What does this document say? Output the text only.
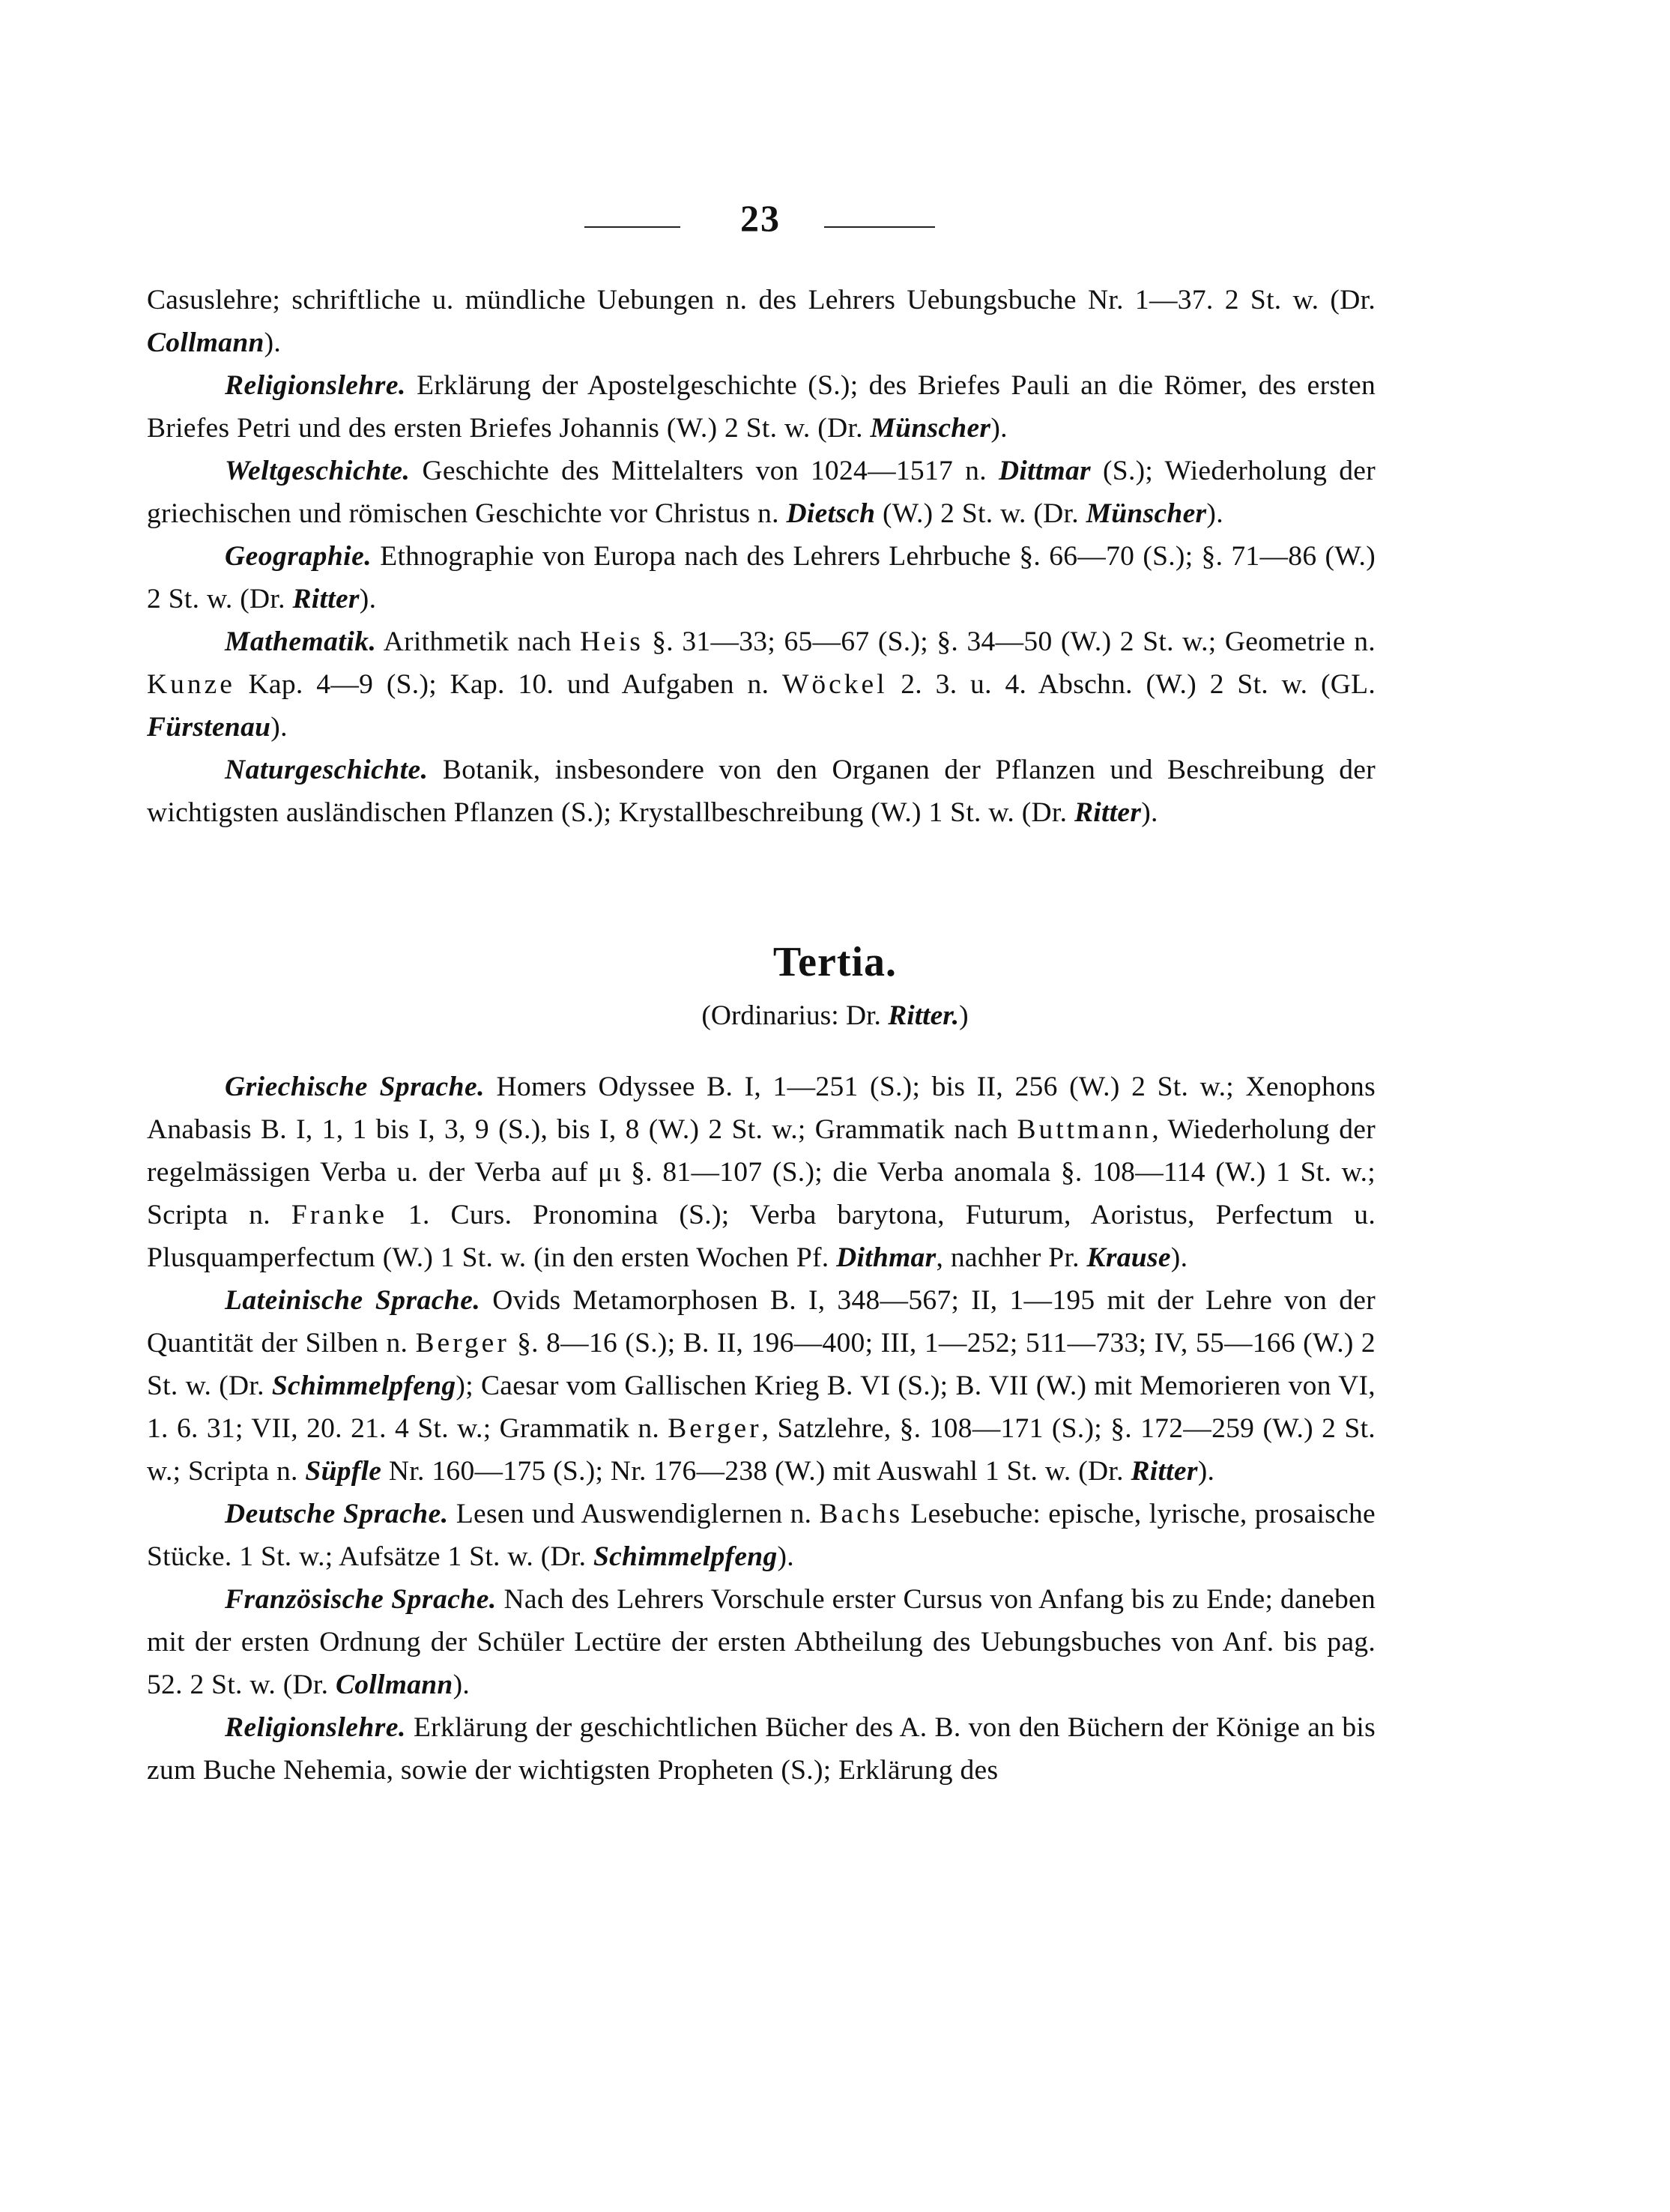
23

Casuslehre; schriftliche u. mündliche Uebungen n. des Lehrers Uebungsbuche Nr. 1—37. 2 St. w. (Dr. Collmann).

Religionslehre. Erklärung der Apostelgeschichte (S.); des Briefes Pauli an die Römer, des ersten Briefes Petri und des ersten Briefes Johannis (W.) 2 St. w. (Dr. Münscher).

Weltgeschichte. Geschichte des Mittelalters von 1024—1517 n. Dittmar (S.); Wiederholung der griechischen und römischen Geschichte vor Christus n. Dietsch (W.) 2 St. w. (Dr. Münscher).

Geographie. Ethnographie von Europa nach des Lehrers Lehrbuche §. 66—70 (S.); §. 71—86 (W.) 2 St. w. (Dr. Ritter).

Mathematik. Arithmetik nach Heis §. 31—33; 65—67 (S.); §. 34—50 (W.) 2 St. w.; Geometrie n. Kunze Kap. 4—9 (S.); Kap. 10. und Aufgaben n. Wöckel 2. 3. u. 4. Abschn. (W.) 2 St. w. (GL. Fürstenau).

Naturgeschichte. Botanik, insbesondere von den Organen der Pflanzen und Beschreibung der wichtigsten ausländischen Pflanzen (S.); Krystallbeschreibung (W.) 1 St. w. (Dr. Ritter).

Tertia.
(Ordinarius: Dr. Ritter.)

Griechische Sprache. Homers Odyssee B. I, 1—251 (S.); bis II, 256 (W.) 2 St. w.; Xenophons Anabasis B. I, 1, 1 bis I, 3, 9 (S.), bis I, 8 (W.) 2 St. w.; Grammatik nach Buttmann, Wiederholung der regelmässigen Verba u. der Verba auf μι §. 81—107 (S.); die Verba anomala §. 108—114 (W.) 1 St. w.; Scripta n. Franke 1. Curs. Pronomina (S.); Verba barytona, Futurum, Aoristus, Perfectum u. Plusquamperfectum (W.) 1 St. w. (in den ersten Wochen Pf. Dithmar, nachher Pr. Krause).

Lateinische Sprache. Ovids Metamorphosen B. I, 348—567; II, 1—195 mit der Lehre von der Quantität der Silben n. Berger §. 8—16 (S.); B. II, 196—400; III, 1—252; 511—733; IV, 55—166 (W.) 2 St. w. (Dr. Schimmelpfeng); Caesar vom Gallischen Krieg B. VI (S.); B. VII (W.) mit Memorieren von VI, 1. 6. 31; VII, 20. 21. 4 St. w.; Grammatik n. Berger, Satzlehre, §. 108—171 (S.); §. 172—259 (W.) 2 St. w.; Scripta n. Süpfle Nr. 160—175 (S.); Nr. 176—238 (W.) mit Auswahl 1 St. w. (Dr. Ritter).

Deutsche Sprache. Lesen und Auswendiglernen n. Bachs Lesebuche: epische, lyrische, prosaische Stücke. 1 St. w.; Aufsätze 1 St. w. (Dr. Schimmelpfeng).

Französische Sprache. Nach des Lehrers Vorschule erster Cursus von Anfang bis zu Ende; daneben mit der ersten Ordnung der Schüler Lectüre der ersten Abtheilung des Uebungsbuches von Anf. bis pag. 52. 2 St. w. (Dr. Collmann).

Religionslehre. Erklärung der geschichtlichen Bücher des A. B. von den Büchern der Könige an bis zum Buche Nehemia, sowie der wichtigsten Propheten (S.); Erklärung des
